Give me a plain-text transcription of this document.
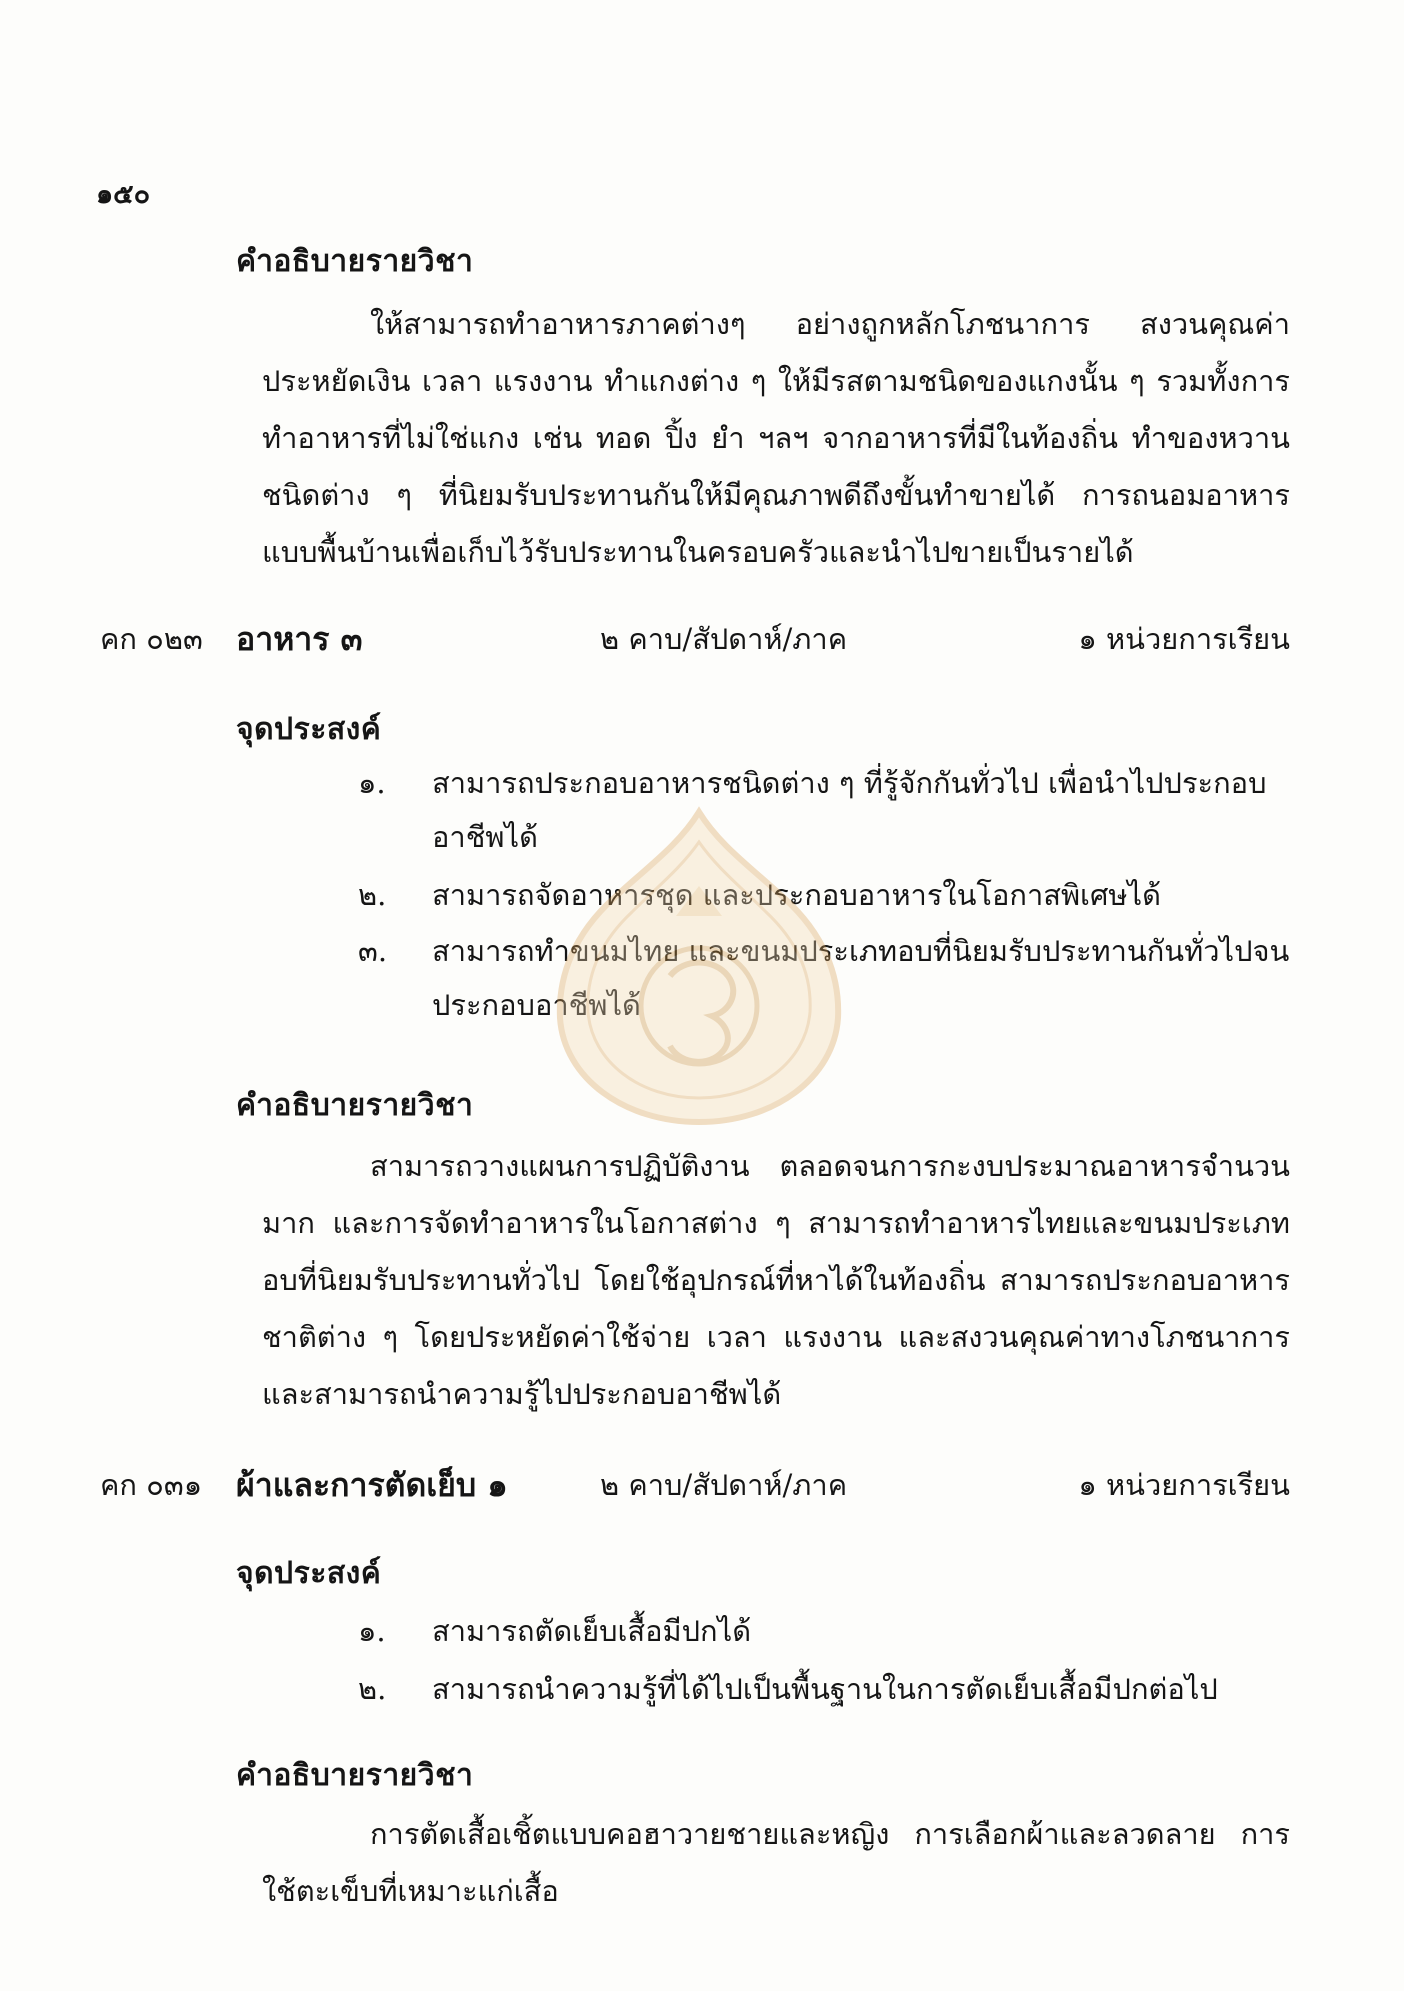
๑๕๐
คำอธิบายรายวิชา

ให้สามารถทำอาหารภาคต่างๆ อย่างถูกหลักโภชนาการ สงวนคุณค่า ประหยัดเงิน เวลา แรงงาน ทำแกงต่าง ๆ ให้มีรสตามชนิดของแกงนั้น ๆ รวมทั้งการทำอาหารที่ไม่ใช่แกง เช่น ทอด ปิ้ง ยำ ฯลฯ จากอาหารที่มีในท้องถิ่น ทำของหวานชนิดต่าง ๆ ที่นิยมรับประทานกันให้มีคุณภาพดีถึงขั้นทำขายได้ การถนอมอาหารแบบพื้นบ้านเพื่อเก็บไว้รับประทานในครอบครัวและนำไปขายเป็นรายได้

คก ๐๒๓ อาหาร ๓	๒ คาบ/สัปดาห์/ภาค	๑ หน่วยการเรียน
จุดประสงค์
๑.	สามารถประกอบอาหารชนิดต่าง ๆ ที่รู้จักกันทั่วไป เพื่อนำไปประกอบอาชีพได้
๒.	สามารถจัดอาหารชุด และประกอบอาหารในโอกาสพิเศษได้
๓.	สามารถทำขนมไทย และขนมประเภทอบที่นิยมรับประทานกันทั่วไปจนประกอบอาชีพได้
คำอธิบายรายวิชา

สามารถวางแผนการปฏิบัติงาน ตลอดจนการกะงบประมาณอาหารจำนวนมาก และการจัดทำอาหารในโอกาสต่าง ๆ สามารถทำอาหารไทยและขนมประเภทอบที่นิยมรับประทานทั่วไป โดยใช้อุปกรณ์ที่หาได้ในท้องถิ่น สามารถประกอบอาหารชาติต่าง ๆ โดยประหยัดค่าใช้จ่าย เวลา แรงงาน และสงวนคุณค่าทางโภชนาการและสามารถนำความรู้ไปประกอบอาชีพได้

คก ๐๓๑ ผ้าและการตัดเย็บ ๑	๒ คาบ/สัปดาห์/ภาค	๑ หน่วยการเรียน
จุดประสงค์
๑.	สามารถตัดเย็บเสื้อมีปกได้
๒.	สามารถนำความรู้ที่ได้ไปเป็นพื้นฐานในการตัดเย็บเสื้อมีปกต่อไป
คำอธิบายรายวิชา

การตัดเสื้อเชิ้ตแบบคอฮาวายชายและหญิง การเลือกผ้าและลวดลาย การใช้ตะเข็บที่เหมาะแก่เสื้อ
